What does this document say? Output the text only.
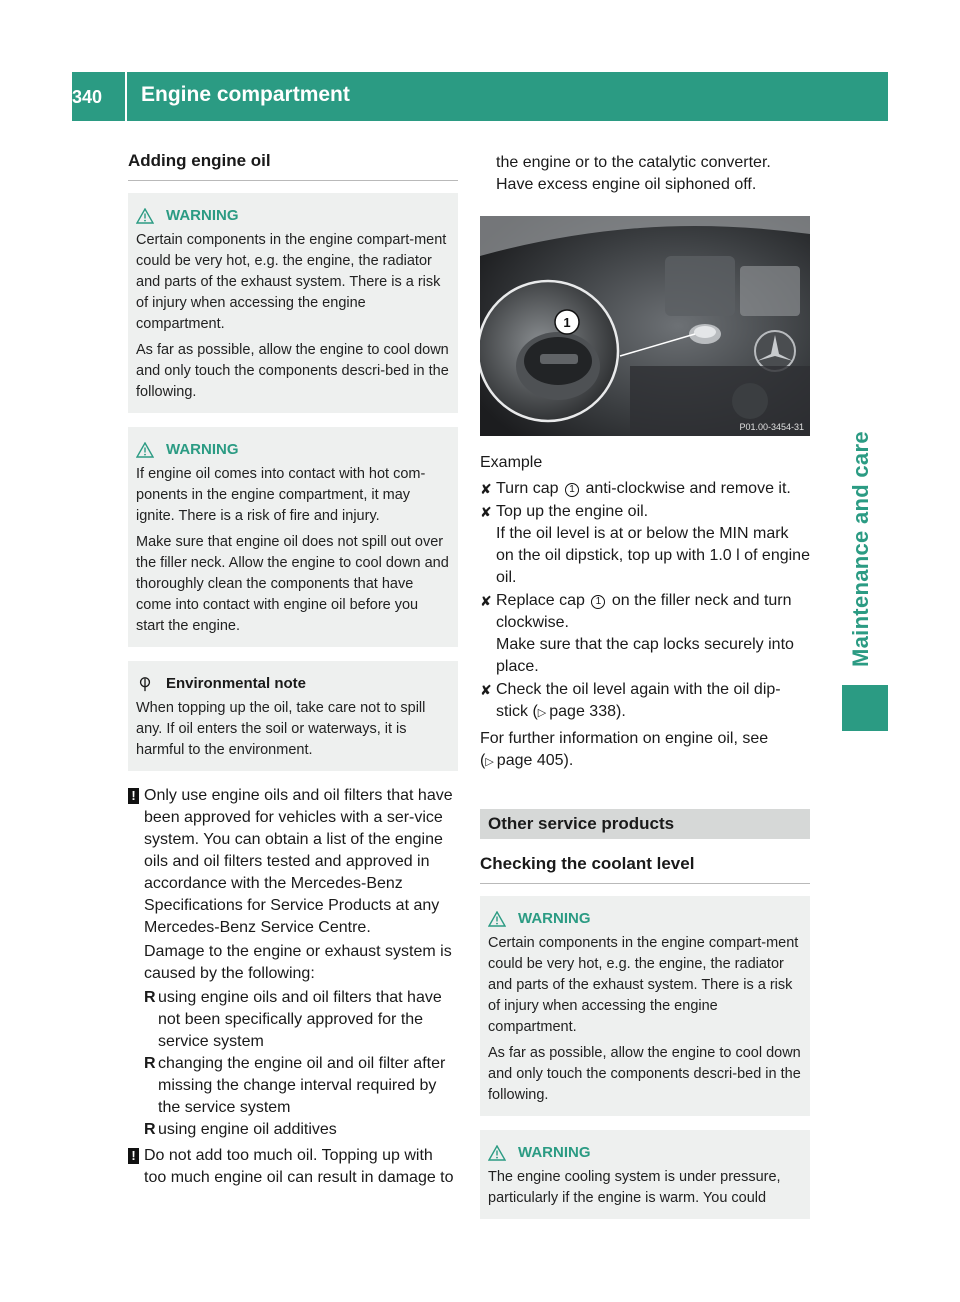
340	Engine compartment
Maintenance and care
Adding engine oil
WARNING

Certain components in the engine compart-ment could be very hot, e.g. the engine, the radiator and parts of the exhaust system. There is a risk of injury when accessing the engine compartment.

As far as possible, allow the engine to cool down and only touch the components descri-bed in the following.

WARNING

If engine oil comes into contact with hot com-ponents in the engine compartment, it may ignite. There is a risk of fire and injury.

Make sure that engine oil does not spill out over the filler neck. Allow the engine to cool down and thoroughly clean the components that have come into contact with engine oil before you start the engine.

Environmental note

When topping up the oil, take care not to spill any. If oil enters the soil or waterways, it is harmful to the environment.

! Only use engine oils and oil filters that have been approved for vehicles with a ser-vice system. You can obtain a list of the engine oils and oil filters tested and approved in accordance with the Mercedes-Benz Specifications for Service Products at any Mercedes-Benz Service Centre.

Damage to the engine or exhaust system is caused by the following:

R using engine oils and oil filters that have not been specifically approved for the service system
R changing the engine oil and oil filter after missing the change interval required by the service system
R using engine oil additives
! Do not add too much oil. Topping up with too much engine oil can result in damage to

the engine or to the catalytic converter. Have excess engine oil siphoned off.

1
P01.00-3454-31

Example

✘ Turn cap 1 anti-clockwise and remove it.
✘ Top up the engine oil.
If the oil level is at or below the MIN mark on the oil dipstick, top up with 1.0 l of engine oil.
✘ Replace cap 1 on the filler neck and turn clockwise.
Make sure that the cap locks securely into place.
✘ Check the oil level again with the oil dip-stick (▷ page 338).

For further information on engine oil, see (▷ page 405).

Other service products
Checking the coolant level
WARNING

Certain components in the engine compart-ment could be very hot, e.g. the engine, the radiator and parts of the exhaust system. There is a risk of injury when accessing the engine compartment.

As far as possible, allow the engine to cool down and only touch the components descri-bed in the following.

WARNING

The engine cooling system is under pressure, particularly if the engine is warm. You could
